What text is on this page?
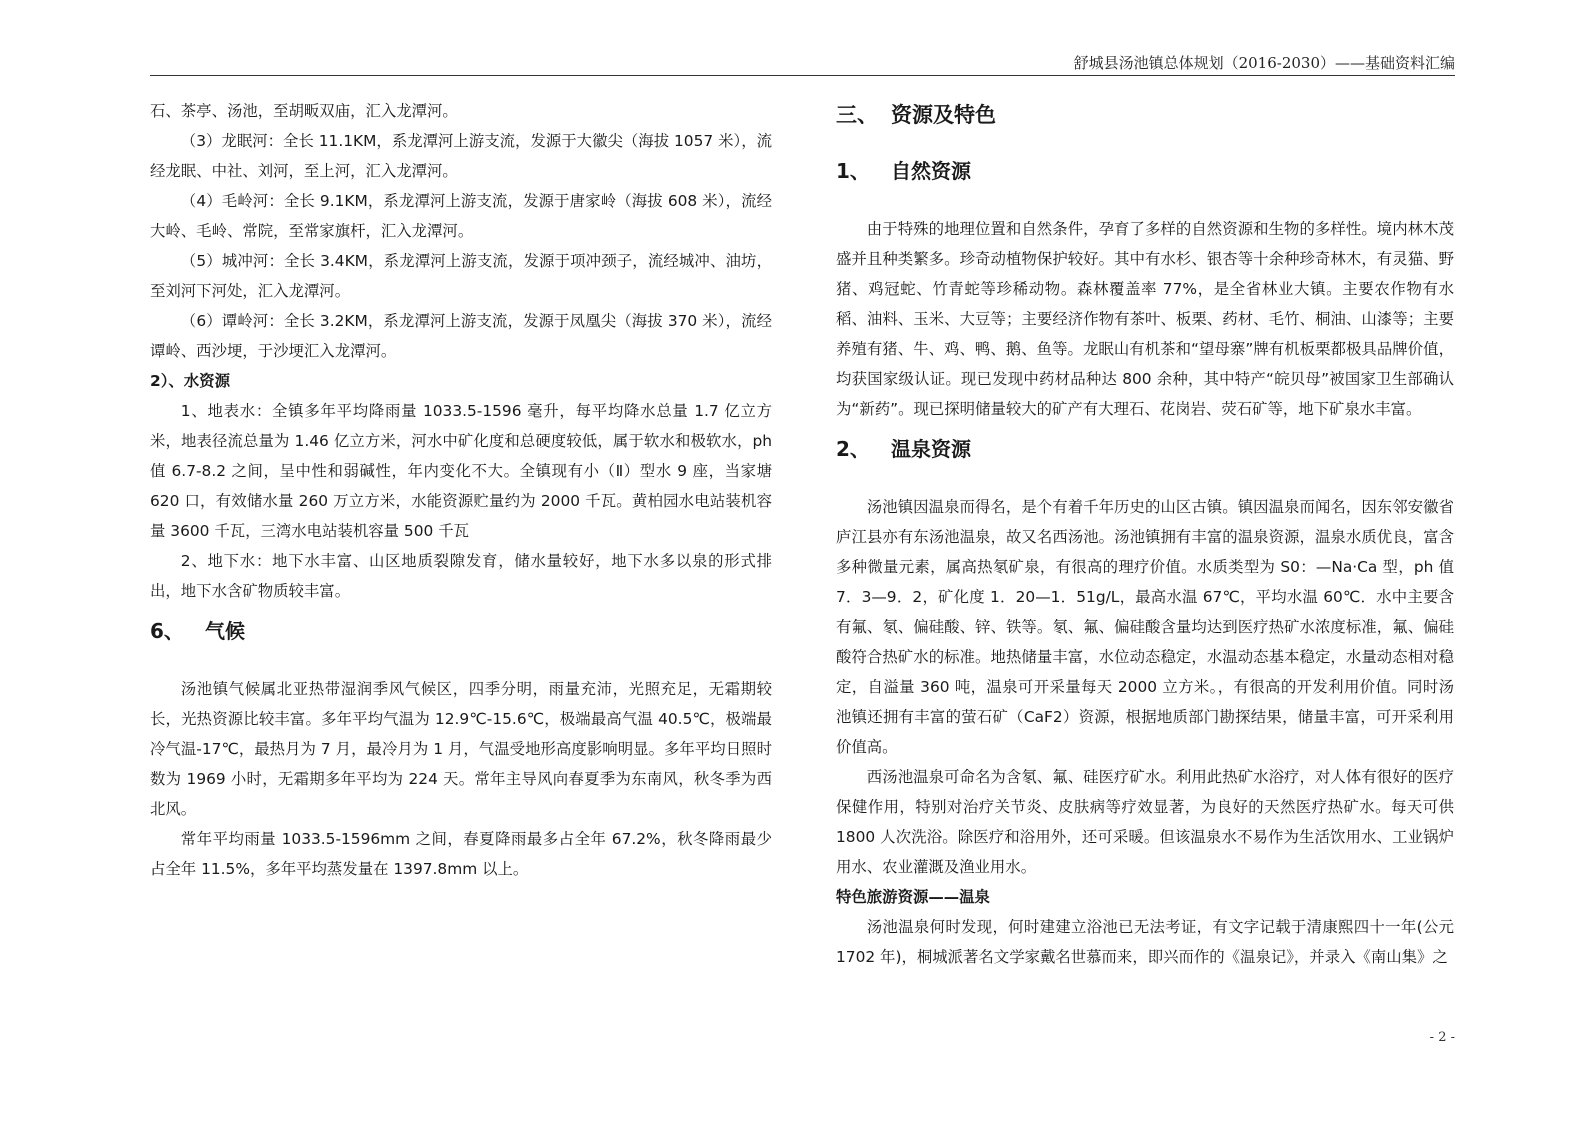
舒城县汤池镇总体规划（2016-2030）——基础资料汇编

石、茶亭、汤池，至胡畈双庙，汇入龙潭河。

（3）龙眠河：全长 11.1KM，系龙潭河上游支流，发源于大徽尖（海拔 1057 米），流经龙眠、中社、刘河，至上河，汇入龙潭河。

（4）毛岭河：全长 9.1KM，系龙潭河上游支流，发源于唐家岭（海拔 608 米），流经大岭、毛岭、常院，至常家旗杆，汇入龙潭河。

（5）城冲河：全长 3.4KM，系龙潭河上游支流，发源于项冲颈子，流经城冲、油坊，至刘河下河处，汇入龙潭河。

（6）谭岭河：全长 3.2KM，系龙潭河上游支流，发源于凤凰尖（海拔 370 米），流经谭岭、西沙埂，于沙埂汇入龙潭河。

2）、水资源

1、地表水：全镇多年平均降雨量 1033.5-1596 毫升，每平均降水总量 1.7 亿立方米，地表径流总量为 1.46 亿立方米，河水中矿化度和总硬度较低，属于软水和极软水，ph 值 6.7-8.2 之间，呈中性和弱碱性，年内变化不大。全镇现有小（Ⅱ）型水 9 座，当家塘 620 口，有效储水量 260 万立方米，水能资源贮量约为 2000 千瓦。黄柏园水电站装机容量 3600 千瓦，三湾水电站装机容量 500 千瓦

2、地下水：地下水丰富、山区地质裂隙发育，储水量较好，地下水多以泉的形式排出，地下水含矿物质较丰富。

6、 气候

汤池镇气候属北亚热带湿润季风气候区，四季分明，雨量充沛，光照充足，无霜期较长，光热资源比较丰富。多年平均气温为 12.9℃-15.6℃，极端最高气温 40.5℃，极端最冷气温-17℃，最热月为 7 月，最冷月为 1 月，气温受地形高度影响明显。多年平均日照时数为 1969 小时，无霜期多年平均为 224 天。常年主导风向春夏季为东南风，秋冬季为西北风。

常年平均雨量 1033.5-1596mm 之间，春夏降雨最多占全年 67.2%，秋冬降雨最少占全年 11.5%，多年平均蒸发量在 1397.8mm 以上。

三、 资源及特色
1、 自然资源

由于特殊的地理位置和自然条件，孕育了多样的自然资源和生物的多样性。境内林木茂盛并且种类繁多。珍奇动植物保护较好。其中有水杉、银杏等十余种珍奇林木，有灵猫、野猪、鸡冠蛇、竹青蛇等珍稀动物。森林覆盖率 77%，是全省林业大镇。主要农作物有水稻、油料、玉米、大豆等；主要经济作物有茶叶、板栗、药材、毛竹、桐油、山漆等；主要养殖有猪、牛、鸡、鸭、鹅、鱼等。龙眠山有机茶和“望母寨”牌有机板栗都极具品牌价值，均获国家级认证。现已发现中药材品种达 800 余种，其中特产“皖贝母”被国家卫生部确认为“新药”。现已探明储量较大的矿产有大理石、花岗岩、荧石矿等，地下矿泉水丰富。

2、 温泉资源

汤池镇因温泉而得名，是个有着千年历史的山区古镇。镇因温泉而闻名，因东邻安徽省庐江县亦有东汤池温泉，故又名西汤池。汤池镇拥有丰富的温泉资源，温泉水质优良，富含多种微量元素，属高热氡矿泉，有很高的理疗价值。水质类型为 S0：—Na·Ca 型，ph 值 7．3—9．2，矿化度 1．20—1．51g/L，最高水温 67℃，平均水温 60℃．水中主要含有氟、氡、偏硅酸、锌、铁等。氡、氟、偏硅酸含量均达到医疗热矿水浓度标准，氟、偏硅酸符合热矿水的标准。地热储量丰富，水位动态稳定，水温动态基本稳定，水量动态相对稳定，自溢量 360 吨，温泉可开采量每天 2000 立方米。，有很高的开发利用价值。同时汤池镇还拥有丰富的萤石矿（CaF2）资源，根据地质部门勘探结果，储量丰富，可开采利用价值高。

西汤池温泉可命名为含氡、氟、硅医疗矿水。利用此热矿水浴疗，对人体有很好的医疗保健作用，特别对治疗关节炎、皮肤病等疗效显著，为良好的天然医疗热矿水。每天可供 1800 人次洗浴。除医疗和浴用外，还可采暖。但该温泉水不易作为生活饮用水、工业锅炉用水、农业灌溉及渔业用水。

特色旅游资源——温泉

汤池温泉何时发现，何时建建立浴池已无法考证，有文字记载于清康熙四十一年(公元 1702 年)，桐城派著名文学家戴名世慕而来，即兴而作的《温泉记》，并录入《南山集》之

- 2 -
